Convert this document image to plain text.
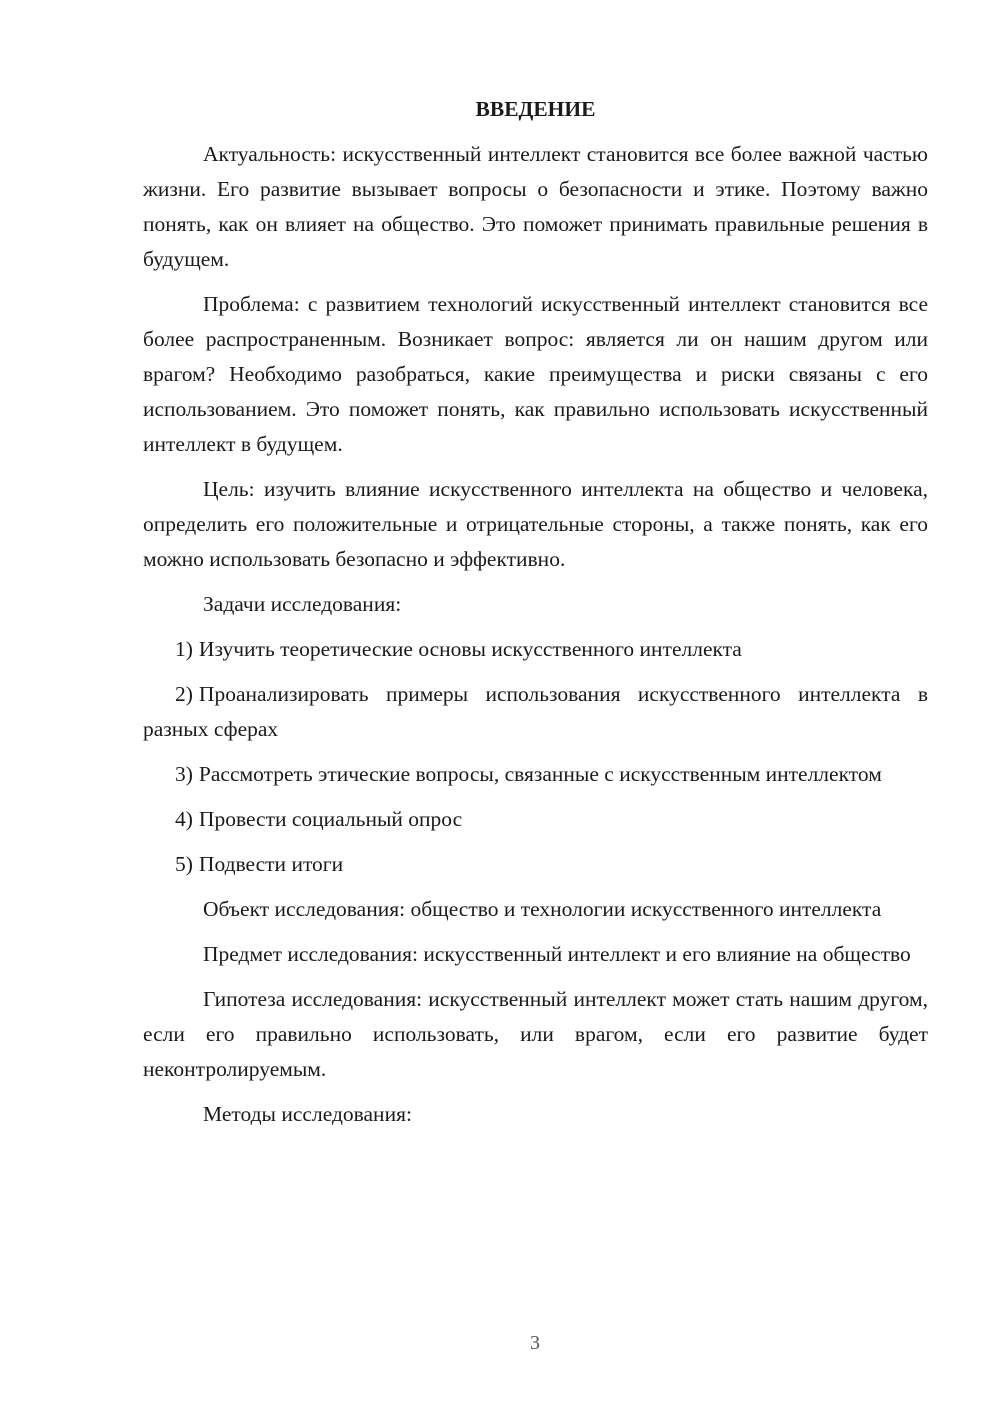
ВВЕДЕНИЕ

Актуальность: искусственный интеллект становится все более важной частью жизни. Его развитие вызывает вопросы о безопасности и этике. Поэтому важно понять, как он влияет на общество. Это поможет принимать правильные решения в будущем.

Проблема: с развитием технологий искусственный интеллект становится все более распространенным. Возникает вопрос: является ли он нашим другом или врагом? Необходимо разобраться, какие преимущества и риски связаны с его использованием. Это поможет понять, как правильно использовать искусственный интеллект в будущем.

Цель: изучить влияние искусственного интеллекта на общество и человека, определить его положительные и отрицательные стороны, а также понять, как его можно использовать безопасно и эффективно.

Задачи исследования:

1) Изучить теоретические основы искусственного интеллекта

2) Проанализировать примеры использования искусственного интеллекта в разных сферах

3) Рассмотреть этические вопросы, связанные с искусственным интеллектом

4) Провести социальный опрос

5) Подвести итоги

Объект исследования: общество и технологии искусственного интеллекта

Предмет исследования: искусственный интеллект и его влияние на общество

Гипотеза исследования: искусственный интеллект может стать нашим другом, если его правильно использовать, или врагом, если его развитие будет неконтролируемым.

Методы исследования:

3
